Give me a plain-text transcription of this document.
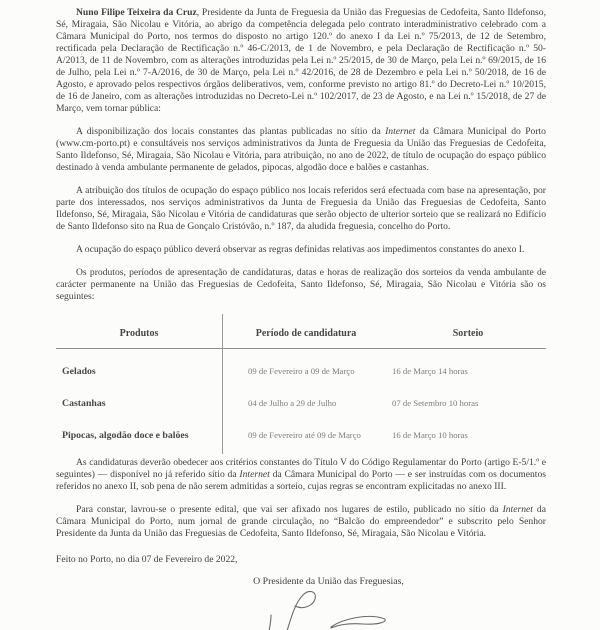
Nuno Filipe Teixeira da Cruz, Presidente da Junta de Freguesia da União das Freguesias de Cedofeita, Santo Ildefonso, Sé, Miragaia, São Nicolau e Vitória, ao abrigo da competência delegada pelo contrato interadministrativo celebrado com a Câmara Municipal do Porto, nos termos do disposto no artigo 120.º do anexo I da Lei n.º 75/2013, de 12 de Setembro, rectificada pela Declaração de Rectificação n.º 46-C/2013, de 1 de Novembro, e pela Declaração de Rectificação n.º 50-A/2013, de 11 de Novembro, com as alterações introduzidas pela Lei n.º 25/2015, de 30 de Março, pela Lei n.º 69/2015, de 16 de Julho, pela Lei n.º 7-A/2016, de 30 de Março, pela Lei n.º 42/2016, de 28 de Dezembro e pela Lei n.º 50/2018, de 16 de Agosto, e aprovado pelos respectivos órgãos deliberativos, vem, conforme previsto no artigo 81.º do Decreto-Lei n.º 10/2015, de 16 de Janeiro, com as alterações introduzidas no Decreto-Lei n.º 102/2017, de 23 de Agosto, e na Lei n.º 15/2018, de 27 de Março, vem tornar pública:

A disponibilização dos locais constantes das plantas publicadas no sítio da Internet da Câmara Municipal do Porto (www.cm-porto.pt) e consultáveis nos serviços administrativos da Junta de Freguesia da União das Freguesias de Cedofeita, Santo Ildefonso, Sé, Miragaia, São Nicolau e Vitória, para atribuição, no ano de 2022, de título de ocupação do espaço público destinado à venda ambulante permanente de gelados, pipocas, algodão doce e balões e castanhas.

A atribuição dos títulos de ocupação do espaço público nos locais referidos será efectuada com base na apresentação, por parte dos interessados, nos serviços administrativos da Junta de Freguesia da União das Freguesias de Cedofeita, Santo Ildefonso, Sé, Miragaia, São Nicolau e Vitória de candidaturas que serão objecto de ulterior sorteio que se realizará no Edifício de Santo Ildefonso sito na Rua de Gonçalo Cristóvão, n.º 187, da aludida freguesia, concelho do Porto.

A ocupação do espaço público deverá observar as regras definidas relativas aos impedimentos constantes do anexo I.

Os produtos, períodos de apresentação de candidaturas, datas e horas de realização dos sorteios da venda ambulante de carácter permanente na União das Freguesias de Cedofeita, Santo Ildefonso, Sé, Miragaia, São Nicolau e Vitória são os seguintes:

Produtos	Período de candidatura	Sorteio
Gelados	09 de Fevereiro a 09 de Março	16 de Março 14 horas
Castanhas	04 de Julho a 29 de Julho	07 de Setembro 10 horas
Pipocas, algodão doce e balões	09 de Fevereiro até 09 de Março	16 de Março 10 horas

As candidaturas deverão obedecer aos critérios constantes do Título V do Código Regulamentar do Porto (artigo E-5/1.º e seguintes) — disponível no já referido sítio da Internet da Câmara Municipal do Porto — e ser instruídas com os documentos referidos no anexo II, sob pena de não serem admitidas a sorteio, cujas regras se encontram explicitadas no anexo III.

Para constar, lavrou-se o presente edital, que vai ser afixado nos lugares de estilo, publicado no sítio da Internet da Câmara Municipal do Porto, num jornal de grande circulação, no “Balcão do empreendedor” e subscrito pelo Senhor Presidente da Junta da União das Freguesias de Cedofeita, Santo Ildefonso, Sé, Miragaia, São Nicolau e Vitória.

Feito no Porto, no dia 07 de Fevereiro de 2022,

O Presidente da União das Freguesias,
